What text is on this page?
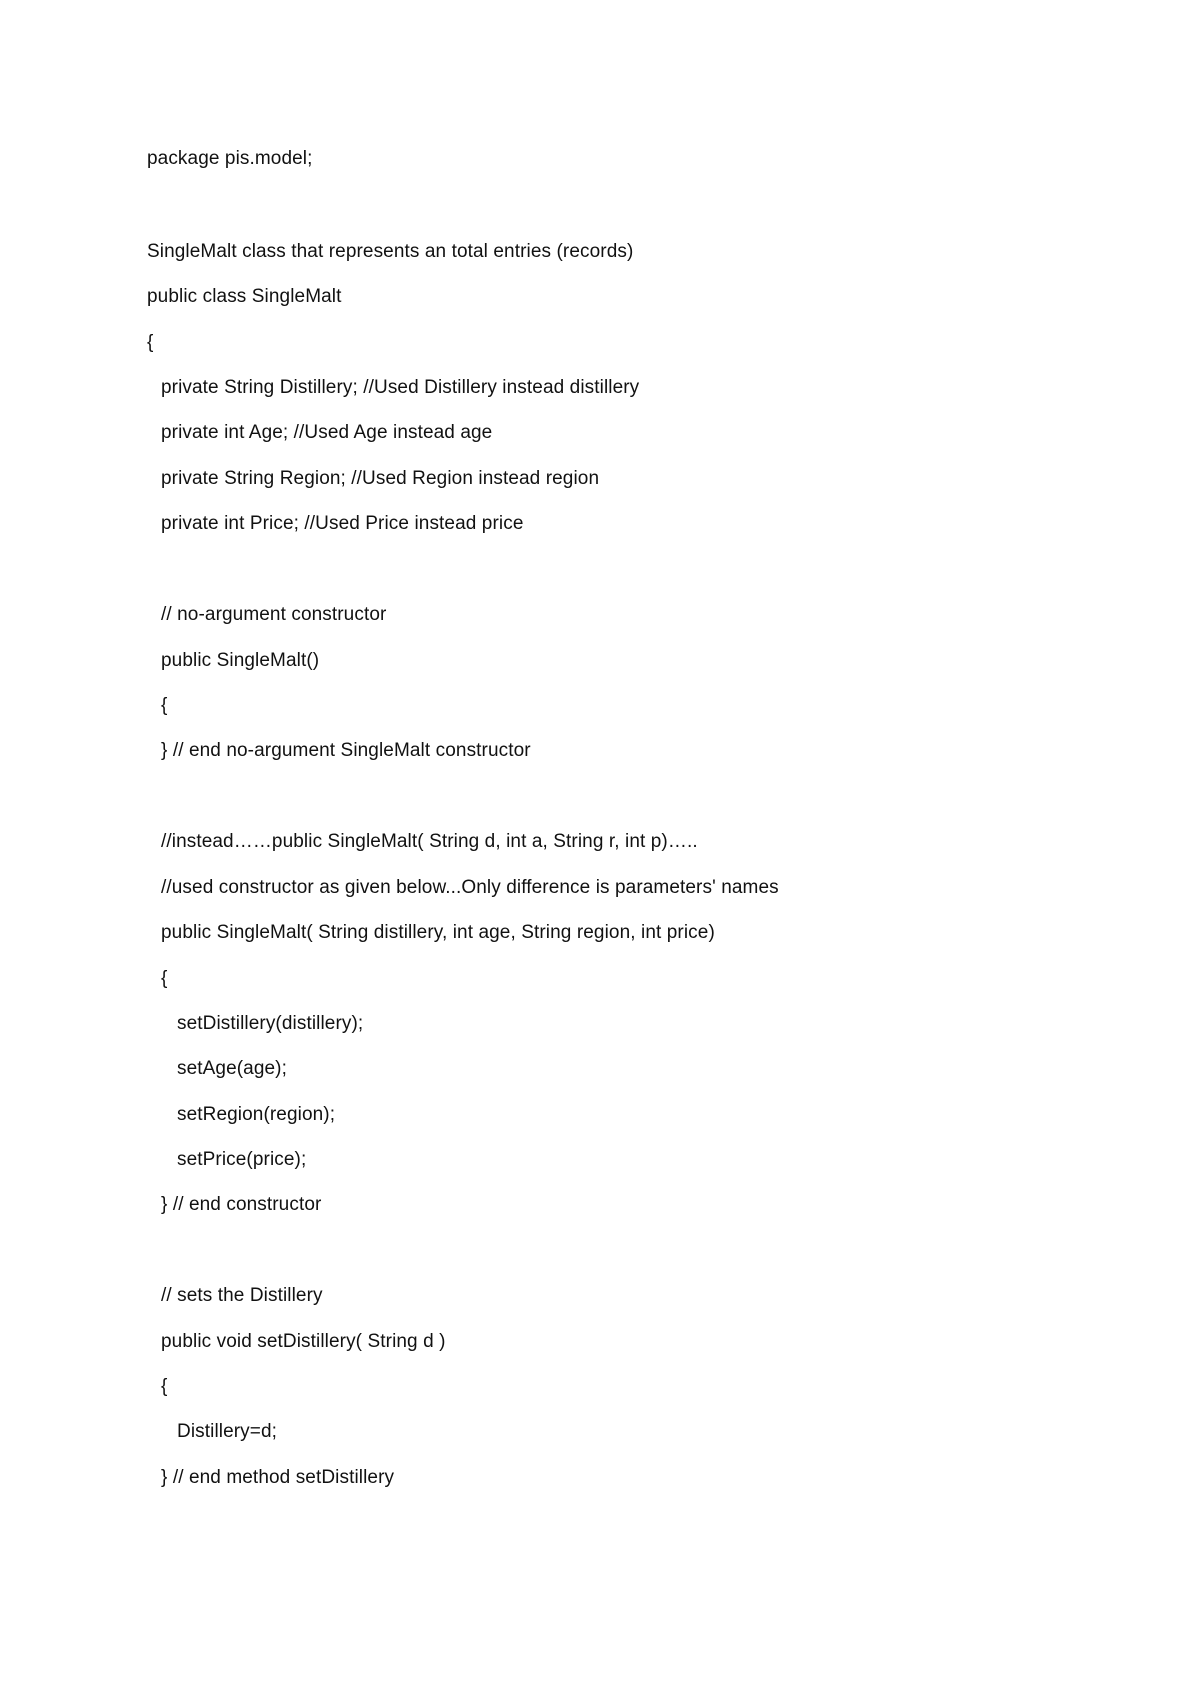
package pis.model;
SingleMalt class that represents an total entries (records)
public class SingleMalt
{
private String Distillery; //Used Distillery instead distillery
private int Age; //Used Age instead age
private String Region; //Used Region instead region
private int Price; //Used Price instead price
// no-argument constructor
public SingleMalt()
{
} // end no-argument SingleMalt constructor
//instead……public SingleMalt( String d, int a, String r, int p)…..
//used constructor as given below...Only difference is parameters' names
public SingleMalt( String distillery, int age, String region, int price)
{
setDistillery(distillery);
setAge(age);
setRegion(region);
setPrice(price);
} // end constructor
// sets the Distillery
public void setDistillery( String d )
{
Distillery=d;
} // end method setDistillery
